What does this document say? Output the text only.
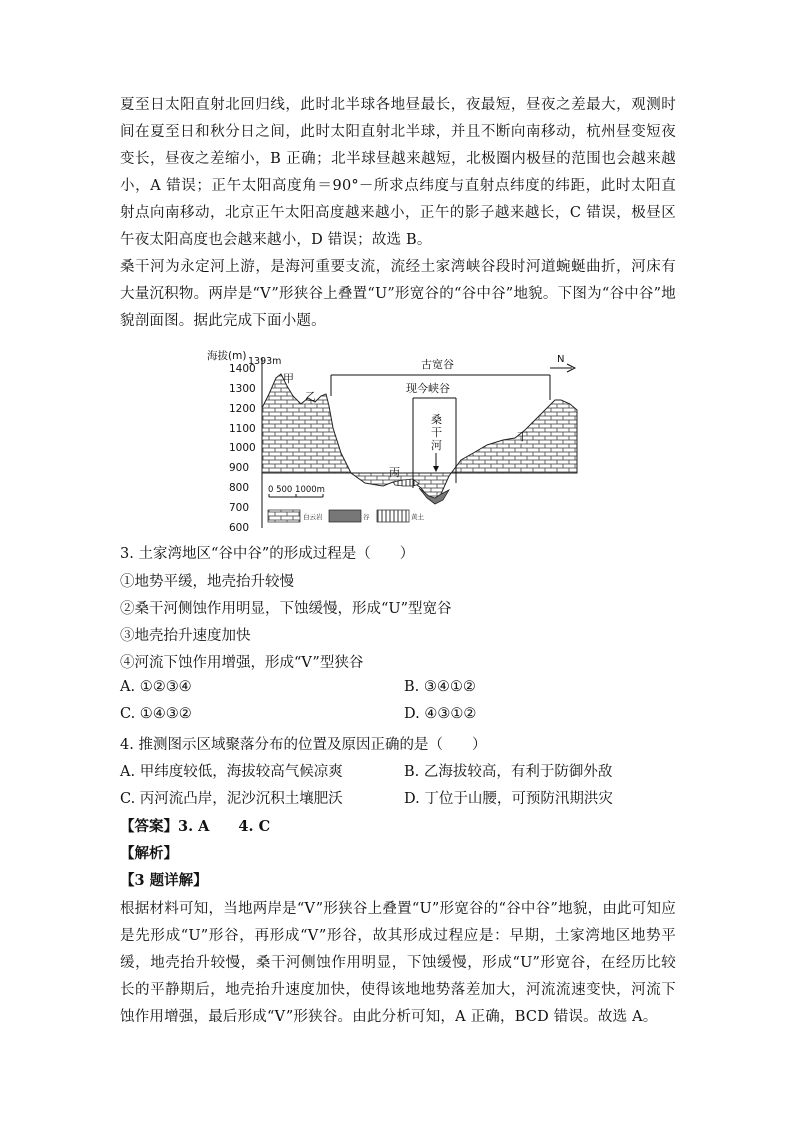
夏至日太阳直射北回归线，此时北半球各地昼最长，夜最短，昼夜之差最大，观测时间在夏至日和秋分日之间，此时太阳直射北半球，并且不断向南移动，杭州昼变短夜变长，昼夜之差缩小，B 正确；北半球昼越来越短，北极圈内极昼的范围也会越来越小，A 错误；正午太阳高度角＝90°－所求点纬度与直射点纬度的纬距，此时太阳直射点向南移动，北京正午太阳高度越来越小，正午的影子越来越长，C 错误，极昼区午夜太阳高度也会越来越小，D 错误；故选 B。
桑干河为永定河上游，是海河重要支流，流经土家湾峡谷段时河道蜿蜒曲折，河床有大量沉积物。两岸是“V”形狭谷上叠置“U”形宽谷的“谷中谷”地貌。下图为“谷中谷”地貌剖面图。据此完成下面小题。
海拔(m) 1393m
1400
1300
1200
1100
1000
900
800
700
600
古宽谷
现今峡谷
桑干河
N
甲
乙
丙
丁
0 500 1000m
白云岩	谷	黄土
3. 土家湾地区“谷中谷”的形成过程是（　　）
①地势平缓，地壳抬升较慢
②桑干河侧蚀作用明显，下蚀缓慢，形成“U”型宽谷
③地壳抬升速度加快
④河流下蚀作用增强，形成“V”型狭谷
A. ①②③④	B. ③④①②
C. ①④③②	D. ④③①②
4. 推测图示区域聚落分布的位置及原因正确的是（　　）
A. 甲纬度较低，海拔较高气候凉爽	B. 乙海拔较高，有利于防御外敌
C. 丙河流凸岸，泥沙沉积土壤肥沃	D. 丁位于山腰，可预防汛期洪灾
【答案】3. A　　4. C
【解析】
【3 题详解】
根据材料可知，当地两岸是“V”形狭谷上叠置“U”形宽谷的“谷中谷”地貌，由此可知应是先形成“U”形谷，再形成“V”形谷，故其形成过程应是：早期，土家湾地区地势平缓，地壳抬升较慢，桑干河侧蚀作用明显，下蚀缓慢，形成“U”形宽谷，在经历比较长的平静期后，地壳抬升速度加快，使得该地地势落差加大，河流流速变快，河流下蚀作用增强，最后形成“V”形狭谷。由此分析可知，A 正确，BCD 错误。故选 A。
